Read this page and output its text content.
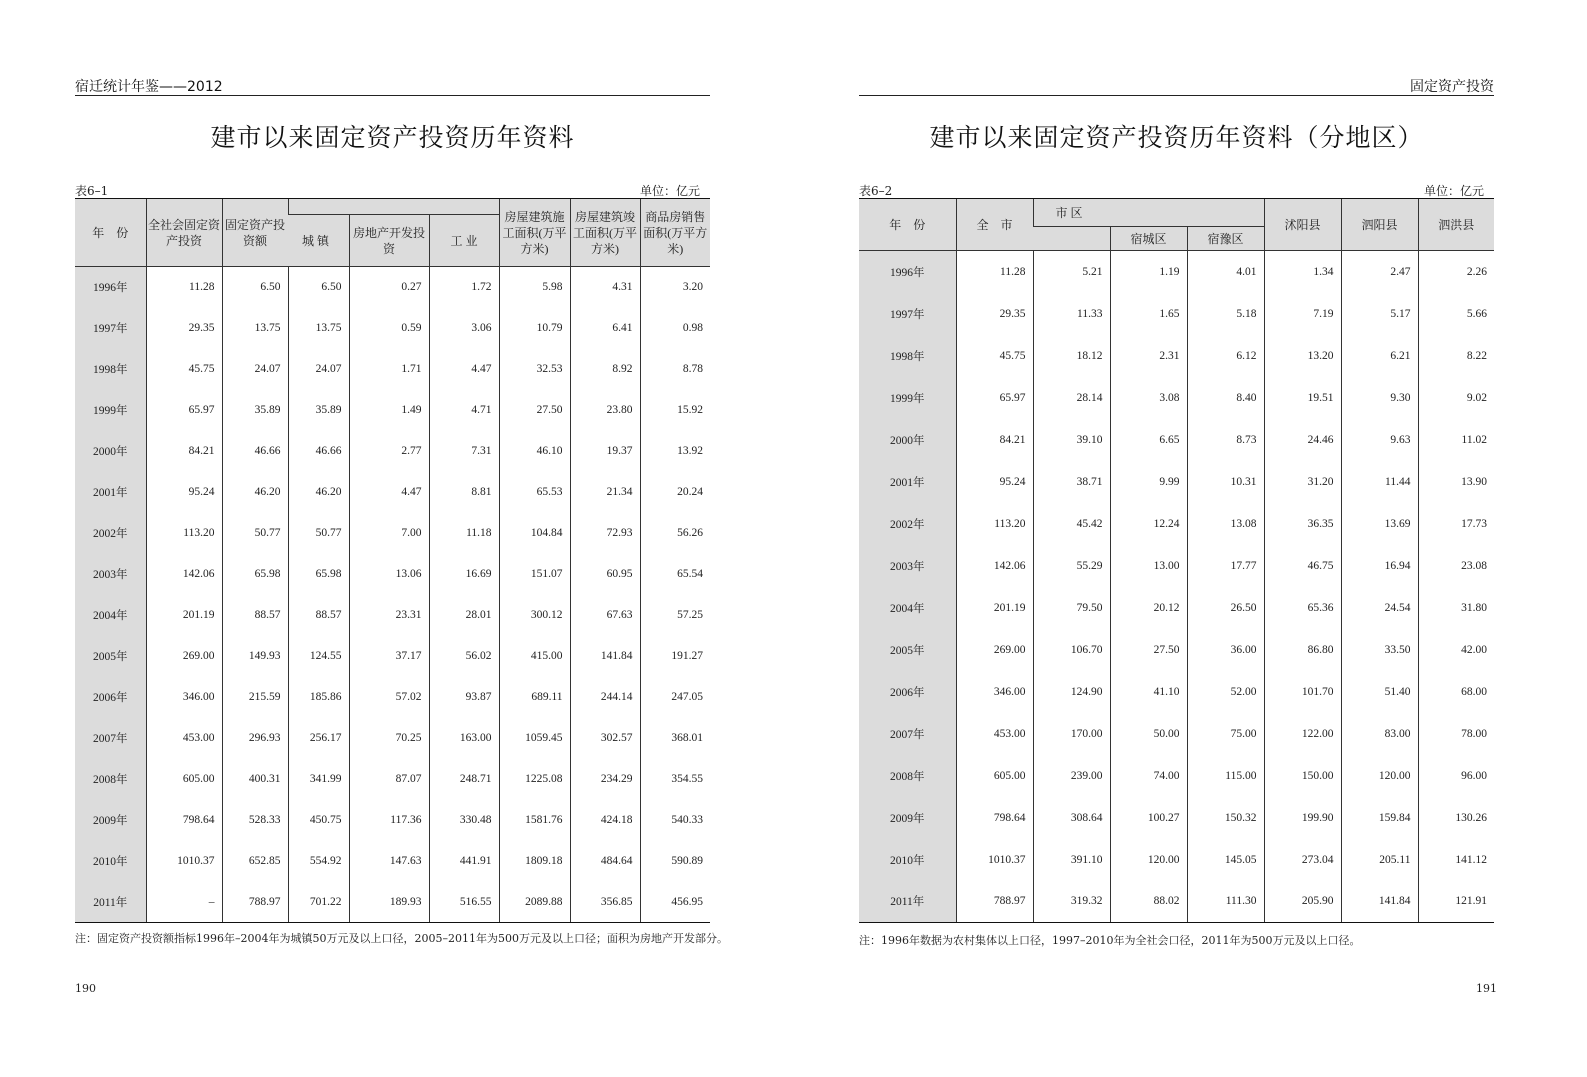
宿迁统计年鉴——2012
建市以来固定资产投资历年资料
表6–1	单位：亿元
年　份	全社会固定资产投资	固定资产投资额				房屋建筑施工面积(万平方米)	房屋建筑竣工面积(万平方米)	商品房销售面积(万平方米)
			城 镇	房地产开发投资	工 业			
1996年	11.28	6.50	6.50	0.27	1.72	5.98	4.31	3.20
1997年	29.35	13.75	13.75	0.59	3.06	10.79	6.41	0.98
1998年	45.75	24.07	24.07	1.71	4.47	32.53	8.92	8.78
1999年	65.97	35.89	35.89	1.49	4.71	27.50	23.80	15.92
2000年	84.21	46.66	46.66	2.77	7.31	46.10	19.37	13.92
2001年	95.24	46.20	46.20	4.47	8.81	65.53	21.34	20.24
2002年	113.20	50.77	50.77	7.00	11.18	104.84	72.93	56.26
2003年	142.06	65.98	65.98	13.06	16.69	151.07	60.95	65.54
2004年	201.19	88.57	88.57	23.31	28.01	300.12	67.63	57.25
2005年	269.00	149.93	124.55	37.17	56.02	415.00	141.84	191.27
2006年	346.00	215.59	185.86	57.02	93.87	689.11	244.14	247.05
2007年	453.00	296.93	256.17	70.25	163.00	1059.45	302.57	368.01
2008年	605.00	400.31	341.99	87.07	248.71	1225.08	234.29	354.55
2009年	798.64	528.33	450.75	117.36	330.48	1581.76	424.18	540.33
2010年	1010.37	652.85	554.92	147.63	441.91	1809.18	484.64	590.89
2011年	–	788.97	701.22	189.93	516.55	2089.88	356.85	456.95
注：固定资产投资额指标1996年–2004年为城镇50万元及以上口径，2005–2011年为500万元及以上口径；面积为房地产开发部分。
190
固定资产投资
建市以来固定资产投资历年资料（分地区）
表6–2	单位：亿元
年　份	全　市	市 区			沭阳县	泗阳县	泗洪县
			宿城区	宿豫区			
1996年	11.28	5.21	1.19	4.01	1.34	2.47	2.26
1997年	29.35	11.33	1.65	5.18	7.19	5.17	5.66
1998年	45.75	18.12	2.31	6.12	13.20	6.21	8.22
1999年	65.97	28.14	3.08	8.40	19.51	9.30	9.02
2000年	84.21	39.10	6.65	8.73	24.46	9.63	11.02
2001年	95.24	38.71	9.99	10.31	31.20	11.44	13.90
2002年	113.20	45.42	12.24	13.08	36.35	13.69	17.73
2003年	142.06	55.29	13.00	17.77	46.75	16.94	23.08
2004年	201.19	79.50	20.12	26.50	65.36	24.54	31.80
2005年	269.00	106.70	27.50	36.00	86.80	33.50	42.00
2006年	346.00	124.90	41.10	52.00	101.70	51.40	68.00
2007年	453.00	170.00	50.00	75.00	122.00	83.00	78.00
2008年	605.00	239.00	74.00	115.00	150.00	120.00	96.00
2009年	798.64	308.64	100.27	150.32	199.90	159.84	130.26
2010年	1010.37	391.10	120.00	145.05	273.04	205.11	141.12
2011年	788.97	319.32	88.02	111.30	205.90	141.84	121.91
注：1996年数据为农村集体以上口径，1997–2010年为全社会口径，2011年为500万元及以上口径。
191
